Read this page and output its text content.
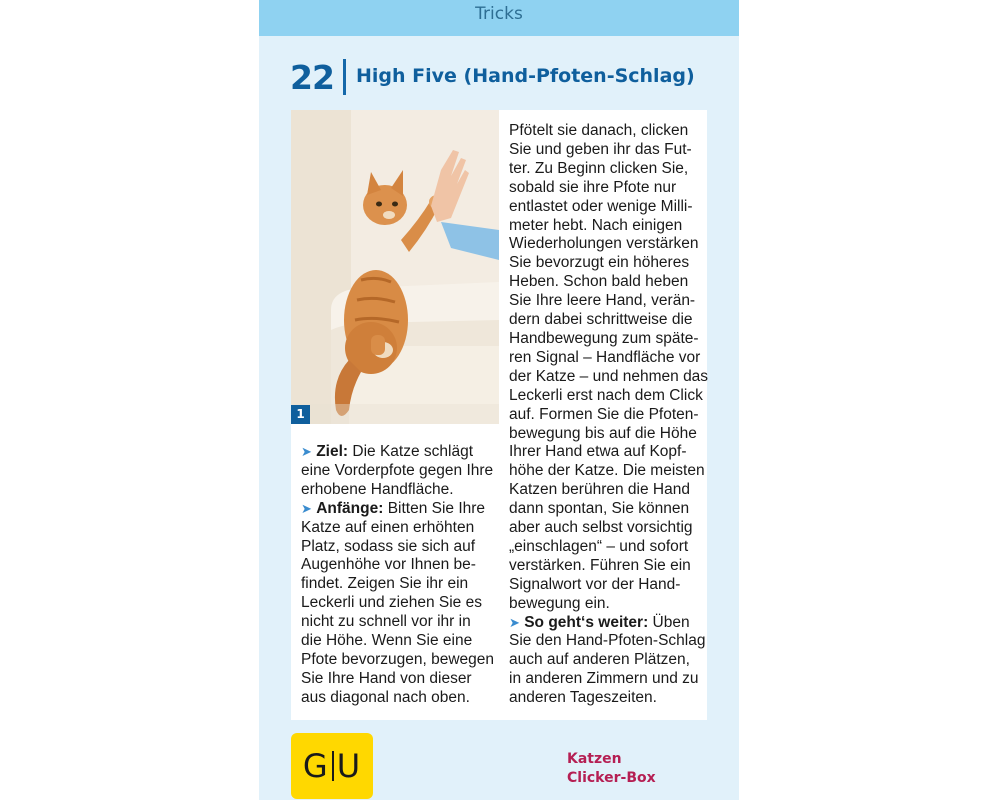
Tricks
22 High Five (Hand-Pfoten-Schlag)
1

➤ Ziel: Die Katze schlägt
eine Vorderpfote gegen Ihre
erhobene Handfläche.
➤ Anfänge: Bitten Sie Ihre
Katze auf einen erhöhten
Platz, sodass sie sich auf
Augenhöhe vor Ihnen be-
findet. Zeigen Sie ihr ein
Leckerli und ziehen Sie es
nicht zu schnell vor ihr in
die Höhe. Wenn Sie eine
Pfote bevorzugen, bewegen
Sie Ihre Hand von dieser
aus diagonal nach oben.

Pfötelt sie danach, clicken
Sie und geben ihr das Fut-
ter. Zu Beginn clicken Sie,
sobald sie ihre Pfote nur
entlastet oder wenige Milli-
meter hebt. Nach einigen
Wiederholungen verstärken
Sie bevorzugt ein höheres
Heben. Schon bald heben
Sie Ihre leere Hand, verän-
dern dabei schrittweise die
Handbewegung zum späte-
ren Signal – Handfläche vor
der Katze – und nehmen das
Leckerli erst nach dem Click
auf. Formen Sie die Pfoten-
bewegung bis auf die Höhe
Ihrer Hand etwa auf Kopf-
höhe der Katze. Die meisten
Katzen berühren die Hand
dann spontan, Sie können
aber auch selbst vorsichtig
„einschlagen“ – und sofort
verstärken. Führen Sie ein
Signalwort vor der Hand-
bewegung ein.
➤ So geht‘s weiter: Üben
Sie den Hand-Pfoten-Schlag
auch auf anderen Plätzen,
in anderen Zimmern und zu
anderen Tageszeiten.

G U	Katzen
Clicker-Box
